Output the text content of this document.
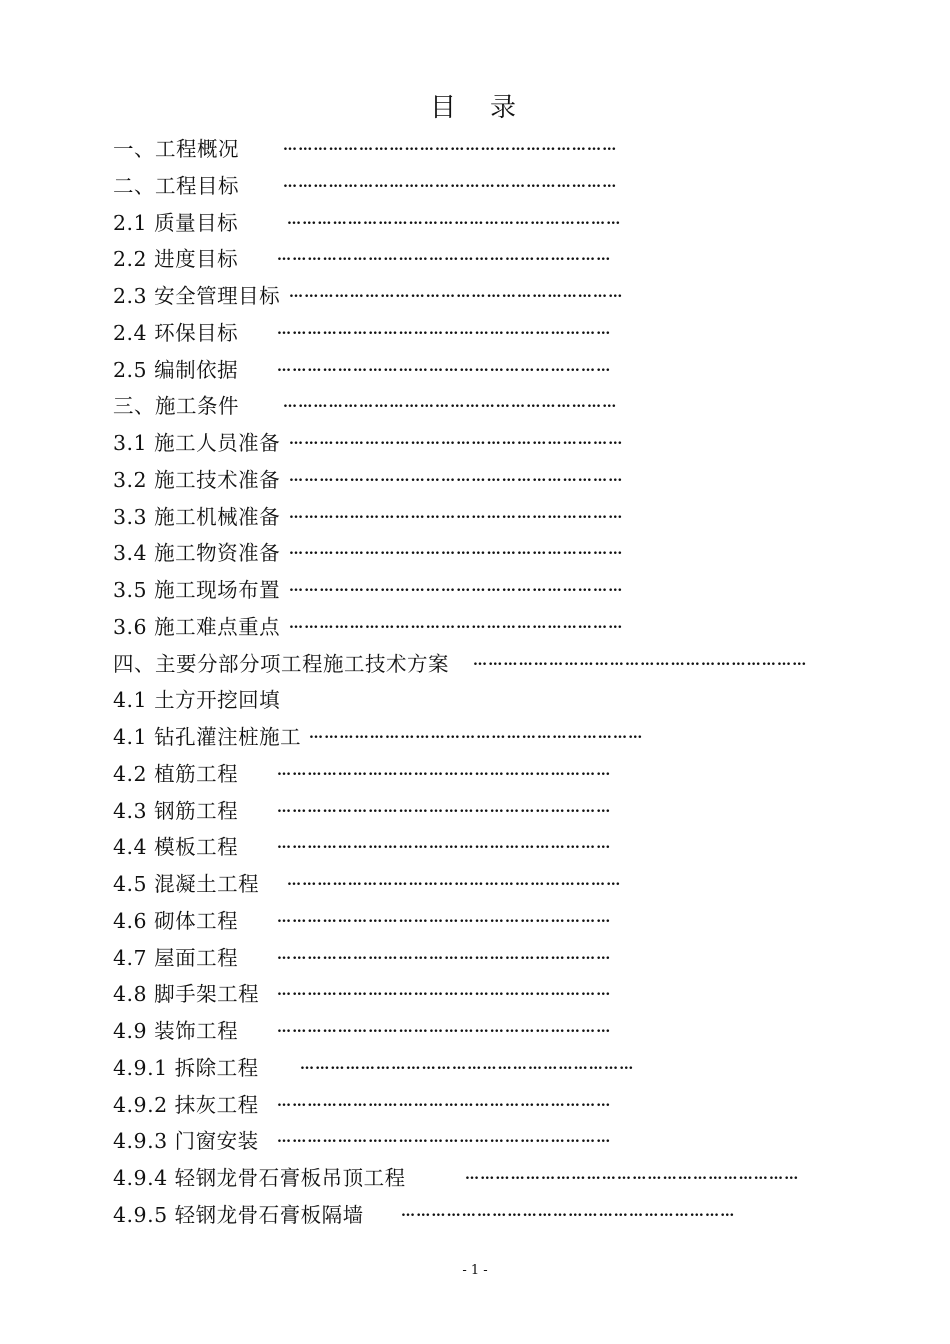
目　录
一、工程概况	…………………………………………………………
二、工程目标	…………………………………………………………
2.1 质量目标	…………………………………………………………
2.2 进度目标	…………………………………………………………
2.3 安全管理目标 …………………………………………………………
2.4 环保目标	…………………………………………………………
2.5 编制依据	…………………………………………………………
三、施工条件	…………………………………………………………
3.1 施工人员准备 …………………………………………………………
3.2 施工技术准备 …………………………………………………………
3.3 施工机械准备 …………………………………………………………
3.4 施工物资准备 …………………………………………………………
3.5 施工现场布置 …………………………………………………………
3.6 施工难点重点 …………………………………………………………
四、主要分部分项工程施工技术方案 …………………………………………………………
4.1 土方开挖回填
4.1 钻孔灌注桩施工 …………………………………………………………
4.2 植筋工程	…………………………………………………………
4.3 钢筋工程	…………………………………………………………
4.4 模板工程	…………………………………………………………
4.5 混凝土工程 …………………………………………………………
4.6 砌体工程	…………………………………………………………
4.7 屋面工程	…………………………………………………………
4.8 脚手架工程 …………………………………………………………
4.9 装饰工程	…………………………………………………………
4.9.1 拆除工程	…………………………………………………………
4.9.2 抹灰工程 …………………………………………………………
4.9.3 门窗安装 …………………………………………………………
4.9.4 轻钢龙骨石膏板吊顶工程	…………………………………………………………
4.9.5 轻钢龙骨石膏板隔墙	…………………………………………………………
- 1 -
